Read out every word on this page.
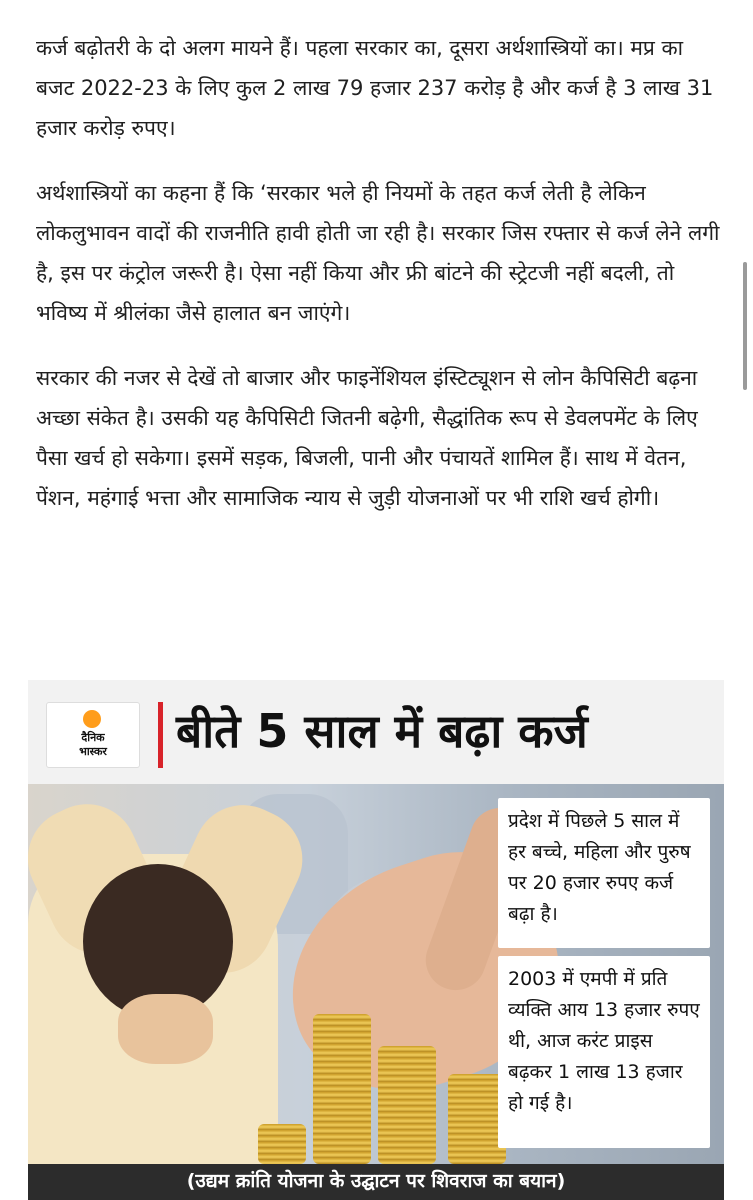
कर्ज बढ़ोतरी के दो अलग मायने हैं। पहला सरकार का, दूसरा अर्थशास्त्रियों का। मप्र का बजट 2022-23 के लिए कुल 2 लाख 79 हजार 237 करोड़ है और कर्ज है 3 लाख 31 हजार करोड़ रुपए।

अर्थशास्त्रियों का कहना हैं कि ‘सरकार भले ही नियमों के तहत कर्ज लेती है लेकिन लोकलुभावन वादों की राजनीति हावी होती जा रही है। सरकार जिस रफ्तार से कर्ज लेने लगी है, इस पर कंट्रोल जरूरी है। ऐसा नहीं किया और फ्री बांटने की स्ट्रेटजी नहीं बदली, तो भविष्य में श्रीलंका जैसे हालात बन जाएंगे।

सरकार की नजर से देखें तो बाजार और फाइनेंशियल इंस्टिट्यूशन से लोन कैपिसिटी बढ़ना अच्छा संकेत है। उसकी यह कैपिसिटी जितनी बढ़ेगी, सैद्धांतिक रूप से डेवलपमेंट के लिए पैसा खर्च हो सकेगा। इसमें सड़क, बिजली, पानी और पंचायतें शामिल हैं। साथ में वेतन, पेंशन, महंगाई भत्ता और सामाजिक न्याय से जुड़ी योजनाओं पर भी राशि खर्च होगी।

दैनिक
भास्कर	बीते 5 साल में बढ़ा कर्ज
प्रदेश में पिछले 5 साल में हर बच्चे, महिला और पुरुष पर 20 हजार रुपए कर्ज बढ़ा है।
2003 में एमपी में प्रति व्यक्ति आय 13 हजार रुपए थी, आज करंट प्राइस बढ़कर 1 लाख 13 हजार हो गई है।
(उद्यम क्रांति योजना के उद्घाटन पर शिवराज का बयान)
